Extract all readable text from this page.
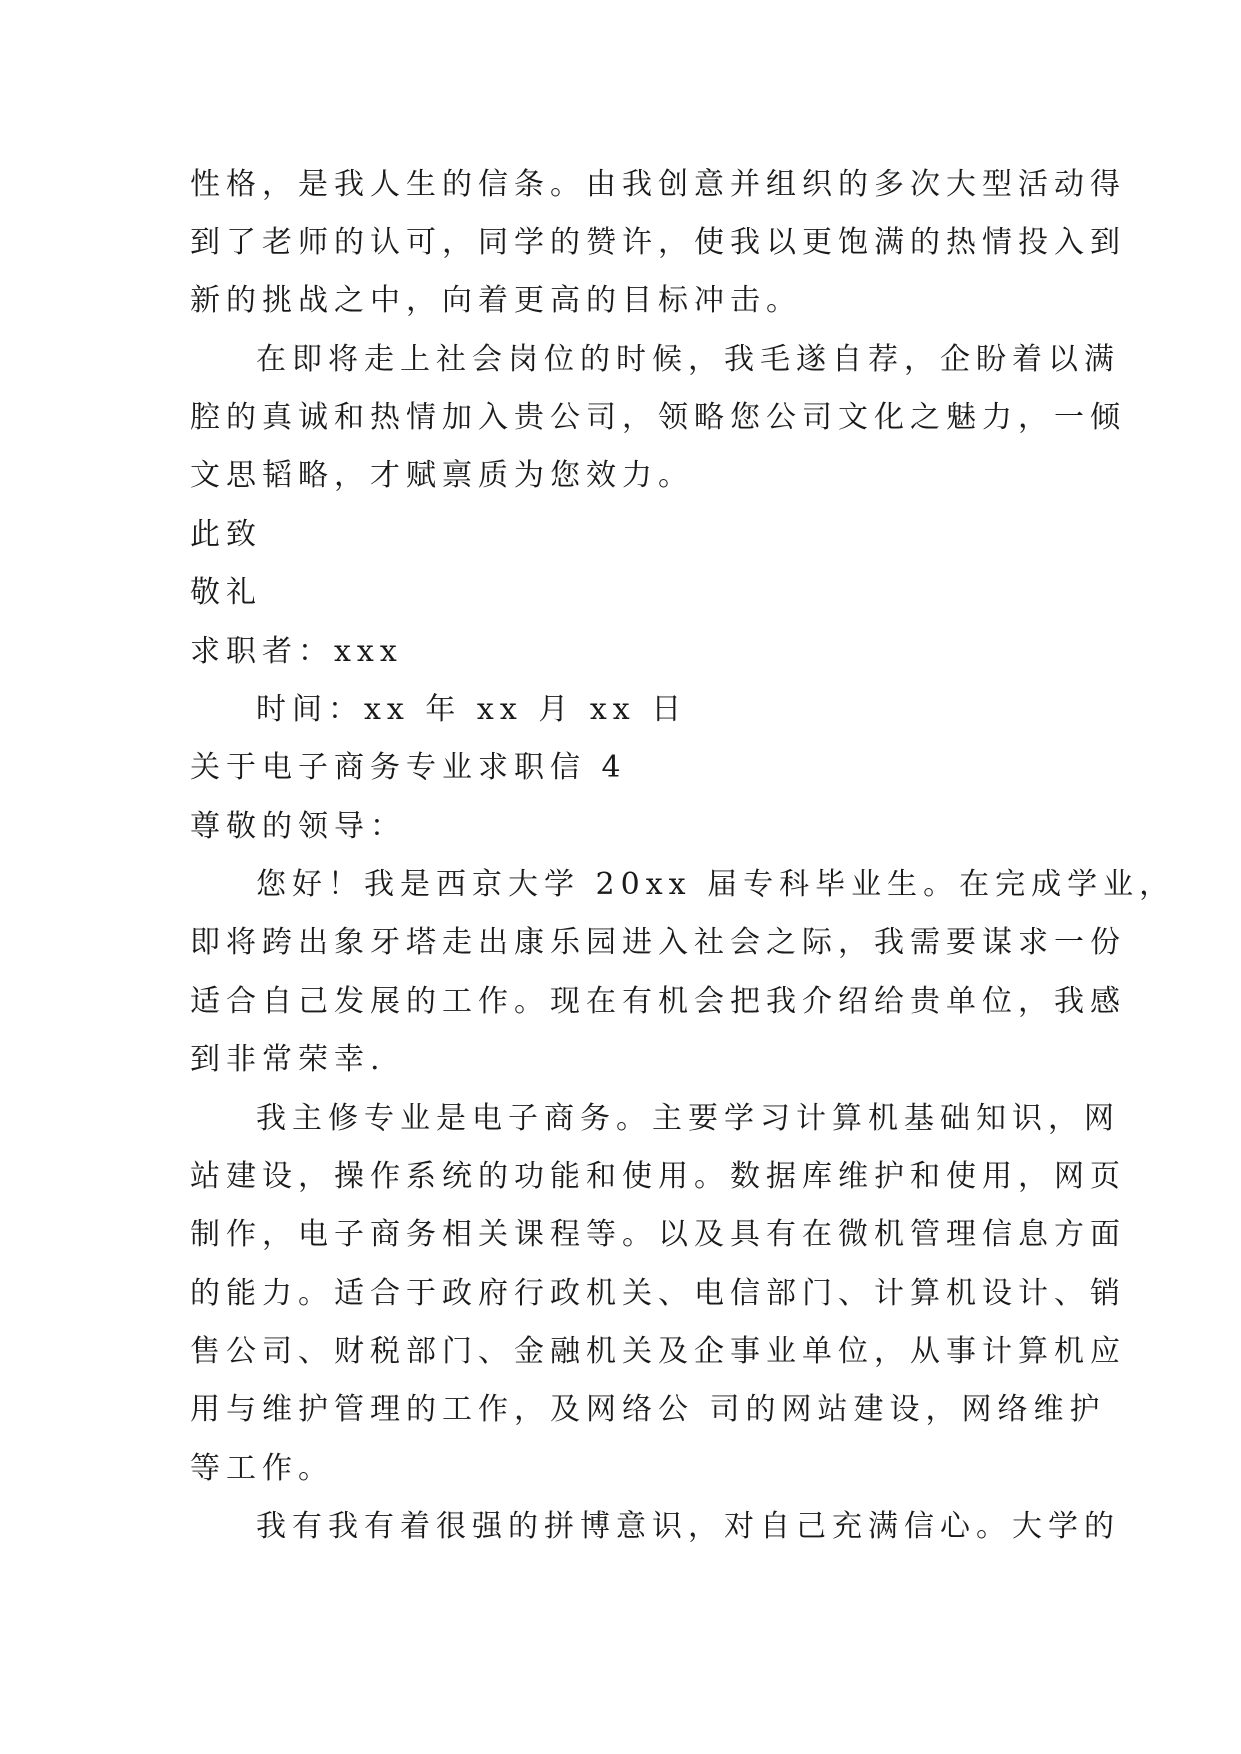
性格，是我人生的信条。由我创意并组织的多次大型活动得
到了老师的认可，同学的赞许，使我以更饱满的热情投入到
新的挑战之中，向着更高的目标冲击。
在即将走上社会岗位的时候，我毛遂自荐，企盼着以满
腔的真诚和热情加入贵公司，领略您公司文化之魅力，一倾
文思韬略，才赋禀质为您效力。
此致
敬礼
求职者：xxx
时间：xx 年 xx 月 xx 日
关于电子商务专业求职信 4
尊敬的领导：
您好！我是西京大学 20xx 届专科毕业生。在完成学业，
即将跨出象牙塔走出康乐园进入社会之际，我需要谋求一份
适合自己发展的工作。现在有机会把我介绍给贵单位，我感
到非常荣幸.
我主修专业是电子商务。主要学习计算机基础知识，网
站建设，操作系统的功能和使用。数据库维护和使用，网页
制作，电子商务相关课程等。以及具有在微机管理信息方面
的能力。适合于政府行政机关、电信部门、计算机设计、销
售公司、财税部门、金融机关及企事业单位，从事计算机应
用与维护管理的工作，及网络公 司的网站建设，网络维护
等工作。
我有我有着很强的拼博意识，对自己充满信心。大学的
